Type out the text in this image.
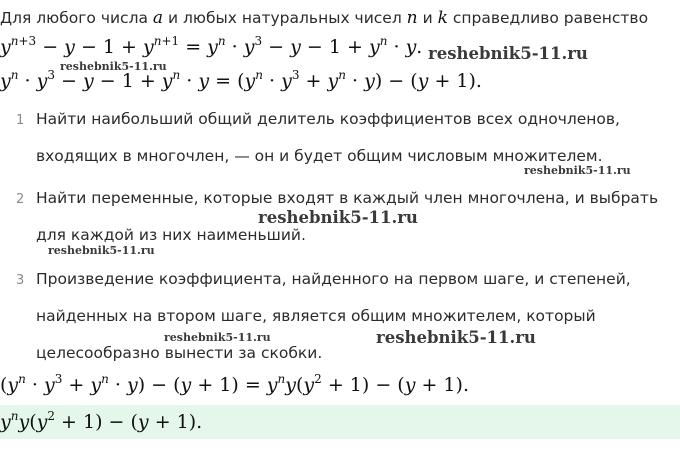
Для любого числа a и любых натуральных чисел n и k справедливо равенство
$y^{n+3} - y - 1 + y^{n+1} = y^n \cdot y^3 - y - 1 + y^n \cdot y$. reshebnik5-11.ru
reshebnik5-11.ru
$y^n \cdot y^3 - y - 1 + y^n \cdot y = (y^n \cdot y^3 + y^n \cdot y) - (y + 1)$.
1 Найти наибольший общий делитель коэффициентов всех одночленов,
входящих в многочлен, — он и будет общим числовым множителем.
reshebnik5-11.ru
2 Найти переменные, которые входят в каждый член многочлена, и выбрать
reshebnik5-11.ru
для каждой из них наименьший.
reshebnik5-11.ru
3 Произведение коэффициента, найденного на первом шаге, и степеней,
найденных на втором шаге, является общим множителем, который
reshebnik5-11.ru	reshebnik5-11.ru
целесообразно вынести за скобки.
$(y^n \cdot y^3 + y^n \cdot y) - (y + 1) = y^ny(y^2 + 1) - (y + 1)$.
$y^ny(y^2 + 1) - (y + 1)$.
